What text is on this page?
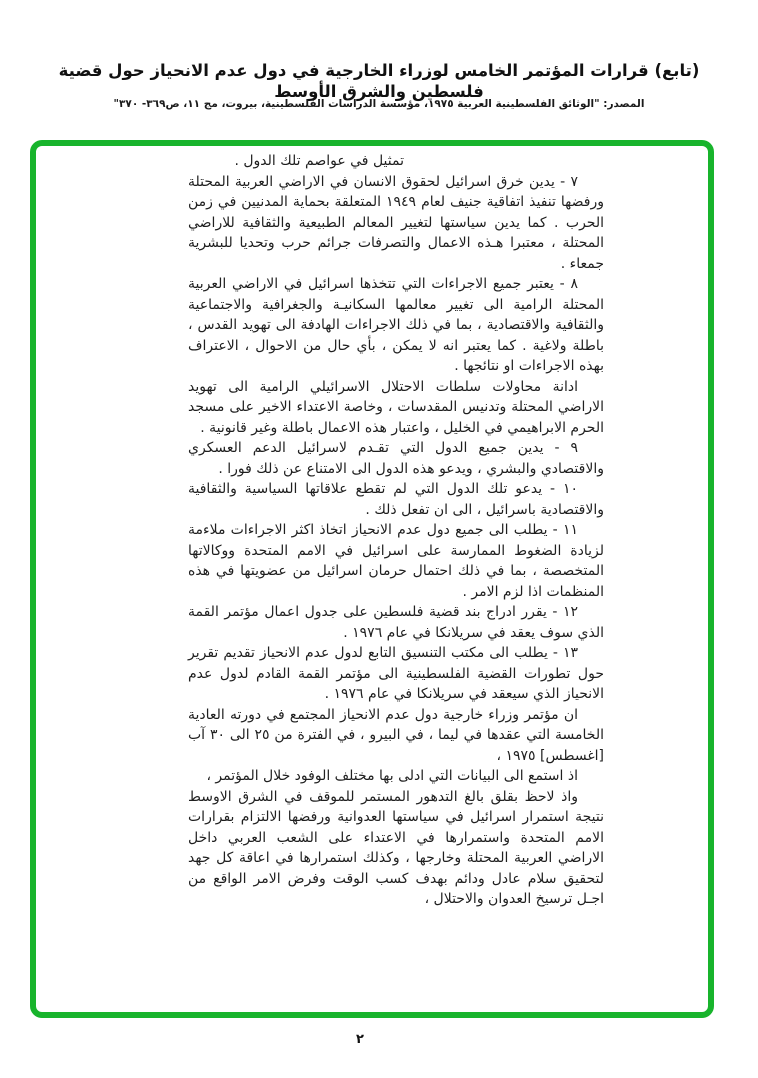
(تابع) قرارات المؤتمر الخامس لوزراء الخارجية في دول عدم الانحياز حول قضية فلسطين والشرق الأوسط
المصدر: "الوثائق الفلسطينية العربية ١٩٧٥، مؤسسة الدراسات الفلسطينية، بيروت، مج ١١، ص٣٦٩- ٣٧٠"

تمثيل في عواصم تلك الدول .

٧ - يدين خرق اسرائيل لحقوق الانسان في الاراضي العربية المحتلة ورفضها تنفيذ اتفاقية جنيف لعام ١٩٤٩ المتعلقة بحماية المدنيين في زمن الحرب . كما يدين سياستها لتغيير المعالم الطبيعية والثقافية للاراضي المحتلة ، معتبرا هـذه الاعمال والتصرفات جرائم حرب وتحديا للبشرية جمعاء .

٨ - يعتبر جميع الاجراءات التي تتخذها اسرائيل في الاراضي العربية المحتلة الرامية الى تغيير معالمها السكانيـة والجغرافية والاجتماعية والثقافية والاقتصادية ، بما في ذلك الاجراءات الهادفة الى تهويد القدس ، باطلة ولاغية . كما يعتبر انه لا يمكن ، بأي حال من الاحوال ، الاعتراف بهذه الاجراءات او نتائجها .

ادانة محاولات سلطات الاحتلال الاسرائيلي الرامية الى تهويد الاراضي المحتلة وتدنيس المقدسات ، وخاصة الاعتداء الاخير على مسجد الحرم الابراهيمي في الخليل ، واعتبار هذه الاعمال باطلة وغير قانونية .

٩ - يدين جميع الدول التي تقـدم لاسرائيل الدعم العسكري والاقتصادي والبشري ، ويدعو هذه الدول الى الامتناع عن ذلك فورا .

١٠ - يدعو تلك الدول التي لم تقطع علاقاتها السياسية والثقافية والاقتصادية باسرائيل ، الى ان تفعل ذلك .

١١ - يطلب الى جميع دول عدم الانحياز اتخاذ اكثر الاجراءات ملاءمة لزيادة الضغوط الممارسة على اسرائيل في الامم المتحدة ووكالاتها المتخصصة ، بما في ذلك احتمال حرمان اسرائيل من عضويتها في هذه المنظمات اذا لزم الامر .

١٢ - يقرر ادراج بند قضية فلسطين على جدول اعمال مؤتمر القمة الذي سوف يعقد في سريلانكا في عام ١٩٧٦ .

١٣ - يطلب الى مكتب التنسيق التابع لدول عدم الانحياز تقديم تقرير حول تطورات القضية الفلسطينية الى مؤتمر القمة القادم لدول عدم الانحياز الذي سيعقد في سريلانكا في عام ١٩٧٦ .

ان مؤتمر وزراء خارجية دول عدم الانحياز المجتمع في دورته العادية الخامسة التي عقدها في ليما ، في البيرو ، في الفترة من ٢٥ الى ٣٠ آب [اغسطس] ١٩٧٥ ،

اذ استمع الى البيانات التي ادلى بها مختلف الوفود خلال المؤتمر ،

واذ لاحظ بقلق بالغ التدهور المستمر للموقف في الشرق الاوسط نتيجة استمرار اسرائيل في سياستها العدوانية ورفضها الالتزام بقرارات الامم المتحدة واستمرارها في الاعتداء على الشعب العربي داخل الاراضي العربية المحتلة وخارجها ، وكذلك استمرارها في اعاقة كل جهد لتحقيق سلام عادل ودائم بهدف كسب الوقت وفرض الامر الواقع من اجـل ترسيخ العدوان والاحتلال ،

٢
